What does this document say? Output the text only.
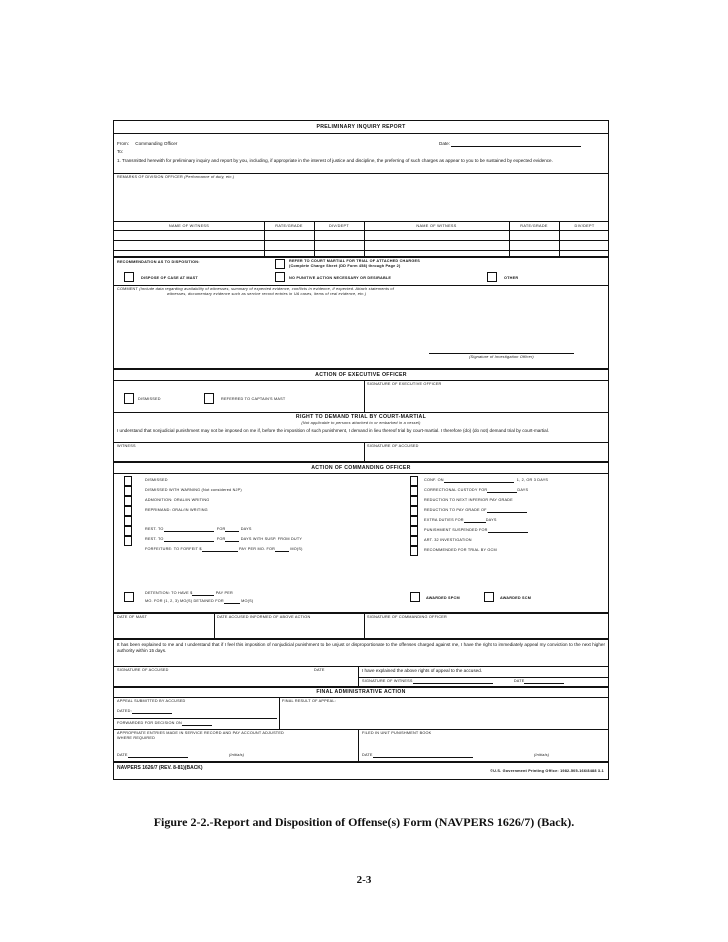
PRELIMINARY INQUIRY REPORT
From: Commanding Officer	Date:
To:
1. Transmitted herewith for preliminary inquiry and report by you, including, if appropriate in the interest of justice and discipline, the preferring of such charges as appear to you to be sustained by expected evidence.
REMARKS OF DIVISION OFFICER (Performance of duty, etc.)
NAME OF WITNESS	RATE/GRADE	DIV/DEPT	NAME OF WITNESS	RATE/GRADE	DIV/DEPT
RECOMMENDATION AS TO DISPOSITION:	REFER TO COURT MARTIAL FOR TRIAL OF ATTACHED CHARGES
(Complete Charge Sheet (DD Form 458) through Page 2)
DISPOSE OF CASE AT MAST	NO PUNITIVE ACTION NECESSARY OR DESIRABLE	OTHER
COMMENT (Include data regarding availability of witnesses, summary of expected evidence, conflicts in evidence, if expected. Attach statements of
witnesses, documentary evidence such as service record entries in UA cases, items of real evidence, etc.)
(Signature of Investigation Officer)
ACTION OF EXECUTIVE OFFICER
SIGNATURE OF EXECUTIVE OFFICER
DISMISSED	REFERRED TO CAPTAIN'S MAST
RIGHT TO DEMAND TRIAL BY COURT-MARTIAL
(Not applicable to persons attached to or embarked in a vessel)
I understand that nonjudicial punishment may not be imposed on me if, before the imposition of such punishment, I demand in lieu thereof trial by court-martial. I therefore (do) (do not) demand trial by court-martial.
WITNESS	SIGNATURE OF ACCUSED
ACTION OF COMMANDING OFFICER
DISMISSED
DISMISSED WITH WARNING (Not considered NJP)
ADMONITION: ORAL/IN WRITING
REPRIMAND: ORAL/IN WRITING
CONF. ON	1, 2, OR 3 DAYS
CORRECTIONAL CUSTODY FOR	DAYS
REDUCTION TO NEXT INFERIOR PAY GRADE
REDUCTION TO PAY GRADE OF
EXTRA DUTIES FOR	DAYS
PUNISHMENT SUSPENDED FOR
ART. 32 INVESTIGATION
RECOMMENDED FOR TRIAL BY GCM
REST. TO	FOR	DAYS
REST. TO	FOR	DAYS WITH SUSP. FROM DUTY
FORFEITURE: TO FORFEIT $	PAY PER MO. FOR	MO(S)
DETENTION: TO HAVE $	PAY PER
MO. FOR (1, 2, 3) MO(S) DETAINED FOR	MO(S)
AWARDED SPCM	AWARDED SCM
DATE OF MAST	DATE ACCUSED INFORMED OF ABOVE ACTION	SIGNATURE OF COMMANDING OFFICER
It has been explained to me and I understand that if I feel this imposition of nonjudicial punishment to be unjust or disproportionate to the offenses charged against me, I have the right to immediately appeal my conviction to the next higher authority within 15 days.
SIGNATURE OF ACCUSED	DATE	I have explained the above rights of appeal to the accused.
SIGNATURE OF WITNESS	DATE
FINAL ADMINISTRATIVE ACTION
APPEAL SUBMITTED BY ACCUSED	FINAL RESULT OF APPEAL:
DATED:
FORWARDED FOR DECISION ON
APPROPRIATE ENTRIES MADE IN SERVICE RECORD AND PAY ACCOUNT ADJUSTED
WHERE REQUIRED
FILED IN UNIT PUNISHMENT BOOK
DATE	(Initials)	DATE	(Initials)
NAVPERS 1626/7 (REV. 8-81)(BACK)	©U.S. Government Printing Office: 1982-505-166/8488 3-1
Figure 2-2.-Report and Disposition of Offense(s) Form (NAVPERS 1626/7) (Back).
2-3
